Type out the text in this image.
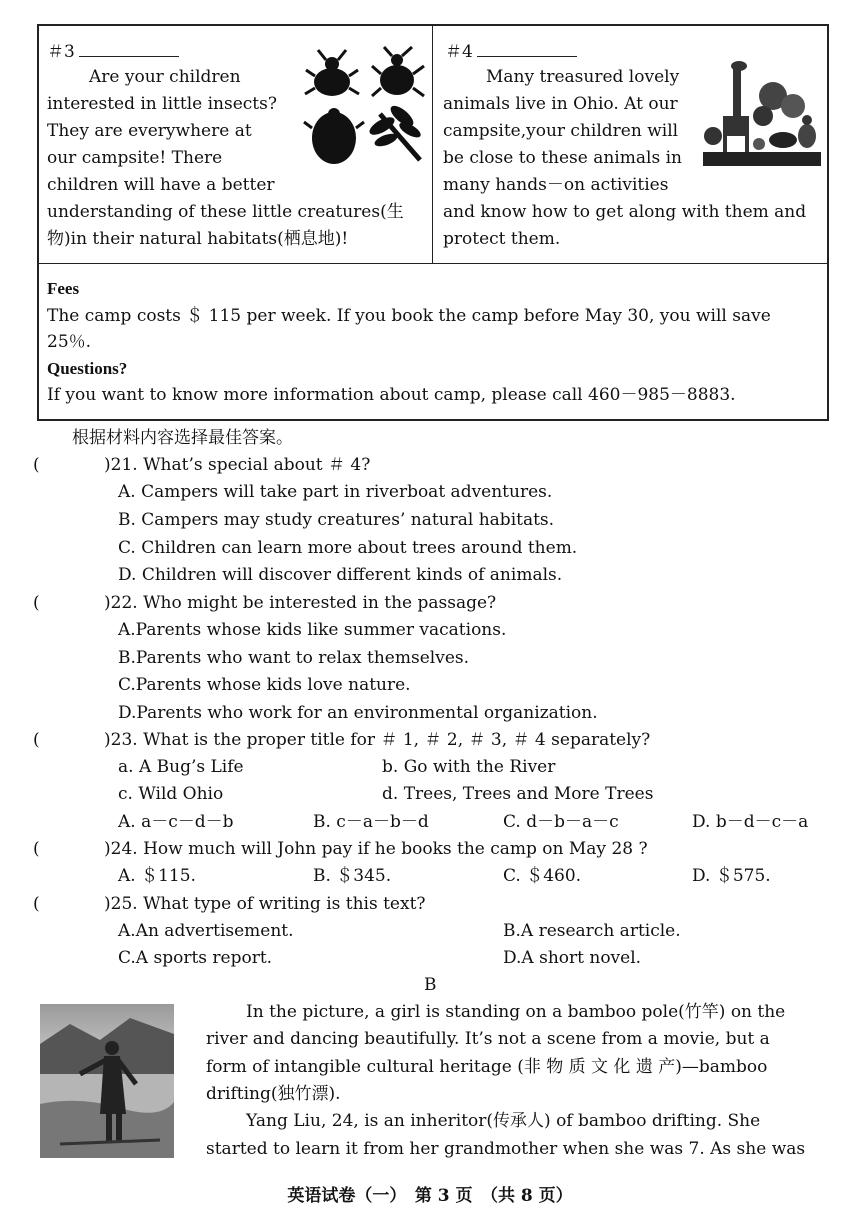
＃3
Are your children
interested in little insects?
They are everywhere at
our campsite! There
children will have a better
understanding of these little creatures(生
物)in their natural habitats(栖息地)!
＃4
Many treasured lovely
animals live in Ohio. At our
campsite,your children will
be close to these animals in
many hands－on activities
and know how to get along with them and
protect them.
Fees
The camp costs ＄ 115 per week. If you book the camp before May 30, you will save
25％.
Questions?
If you want to know more information about camp, please call 460－985－8883.
根据材料内容选择最佳答案。
(	)21. What’s special about ＃ 4?
A. Campers will take part in riverboat adventures.
B. Campers may study creatures’ natural habitats.
C. Children can learn more about trees around them.
D. Children will discover different kinds of animals.
(	)22. Who might be interested in the passage?
A.Parents whose kids like summer vacations.
B.Parents who want to relax themselves.
C.Parents whose kids love nature.
D.Parents who work for an environmental organization.
(	)23. What is the proper title for ＃ 1, ＃ 2, ＃ 3, ＃ 4 separately?
a. A Bug’s Life	b. Go with the River
c. Wild Ohio	d. Trees, Trees and More Trees
A. a－c－d－b	B. c－a－b－d	C. d－b－a－c	D. b－d－c－a
(	)24. How much will John pay if he books the camp on May 28 ?
A. ＄115.	B. ＄345.	C. ＄460.	D. ＄575.
(	)25. What type of writing is this text?
A.An advertisement.	B.A research article.
C.A sports report.	D.A short novel.
B
In the picture, a girl is standing on a bamboo pole(竹竿) on the
river and dancing beautifully. It’s not a scene from a movie, but a
form of intangible cultural heritage (非 物 质 文 化 遗 产)—bamboo
drifting(独竹漂).
Yang Liu, 24, is an inheritor(传承人) of bamboo drifting. She
started to learn it from her grandmother when she was 7. As she was
英语试卷（一）　第 3 页　（共 8 页）
